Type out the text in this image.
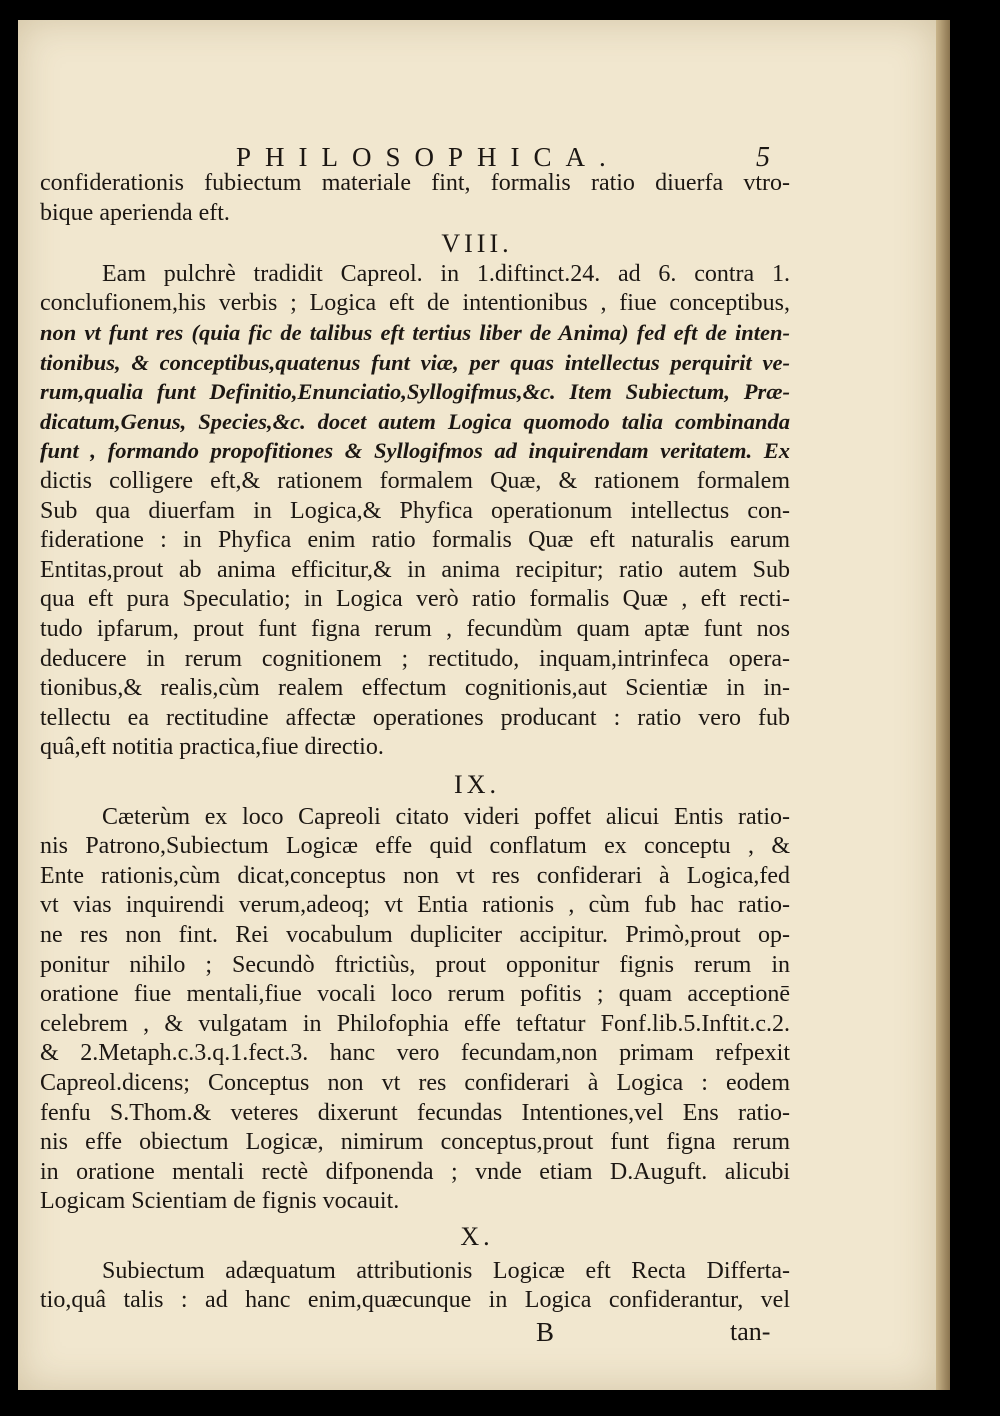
PHILOSOPHICA.	5
confiderationis fubiectum materiale fint, formalis ratio diuerfa vtro-
bique aperienda eft.
VIII.
Eam pulchrè tradidit Capreol. in 1.diftinct.24. ad 6. contra 1.
conclufionem,his verbis ; Logica eft de intentionibus , fiue conceptibus,
non vt funt res (quia fic de talibus eft tertius liber de Anima) fed eft de inten-
tionibus, & conceptibus,quatenus funt viæ, per quas intellectus perquirit ve-
rum,qualia funt Definitio,Enunciatio,Syllogifmus,&c. Item Subiectum, Præ-
dicatum,Genus, Species,&c. docet autem Logica quomodo talia combinanda
funt , formando propofitiones & Syllogifmos ad inquirendam veritatem. Ex
dictis colligere eft,& rationem formalem Quæ, & rationem formalem
Sub qua diuerfam in Logica,& Phyfica operationum intellectus con-
fideratione : in Phyfica enim ratio formalis Quæ eft naturalis earum
Entitas,prout ab anima efficitur,& in anima recipitur; ratio autem Sub
qua eft pura Speculatio; in Logica verò ratio formalis Quæ , eft recti-
tudo ipfarum, prout funt figna rerum , fecundùm quam aptæ funt nos
deducere in rerum cognitionem ; rectitudo, inquam,intrinfeca opera-
tionibus,& realis,cùm realem effectum cognitionis,aut Scientiæ in in-
tellectu ea rectitudine affectæ operationes producant : ratio vero fub
quâ,eft notitia practica,fiue directio.
IX.
Cæterùm ex loco Capreoli citato videri poffet alicui Entis ratio-
nis Patrono,Subiectum Logicæ effe quid conflatum ex conceptu , &
Ente rationis,cùm dicat,conceptus non vt res confiderari à Logica,fed
vt vias inquirendi verum,adeoq; vt Entia rationis , cùm fub hac ratio-
ne res non fint. Rei vocabulum dupliciter accipitur. Primò,prout op-
ponitur nihilo ; Secundò ftrictiùs, prout opponitur fignis rerum in
oratione fiue mentali,fiue vocali loco rerum pofitis ; quam acceptionē
celebrem , & vulgatam in Philofophia effe teftatur Fonf.lib.5.Inftit.c.2.
& 2.Metaph.c.3.q.1.fect.3. hanc vero fecundam,non primam refpexit
Capreol.dicens; Conceptus non vt res confiderari à Logica : eodem
fenfu S.Thom.& veteres dixerunt fecundas Intentiones,vel Ens ratio-
nis effe obiectum Logicæ, nimirum conceptus,prout funt figna rerum
in oratione mentali rectè difponenda ; vnde etiam D.Auguft. alicubi
Logicam Scientiam de fignis vocauit.
X.
Subiectum adæquatum attributionis Logicæ eft Recta Differta-
tio,quâ talis : ad hanc enim,quæcunque in Logica confiderantur, vel
B	tan-
